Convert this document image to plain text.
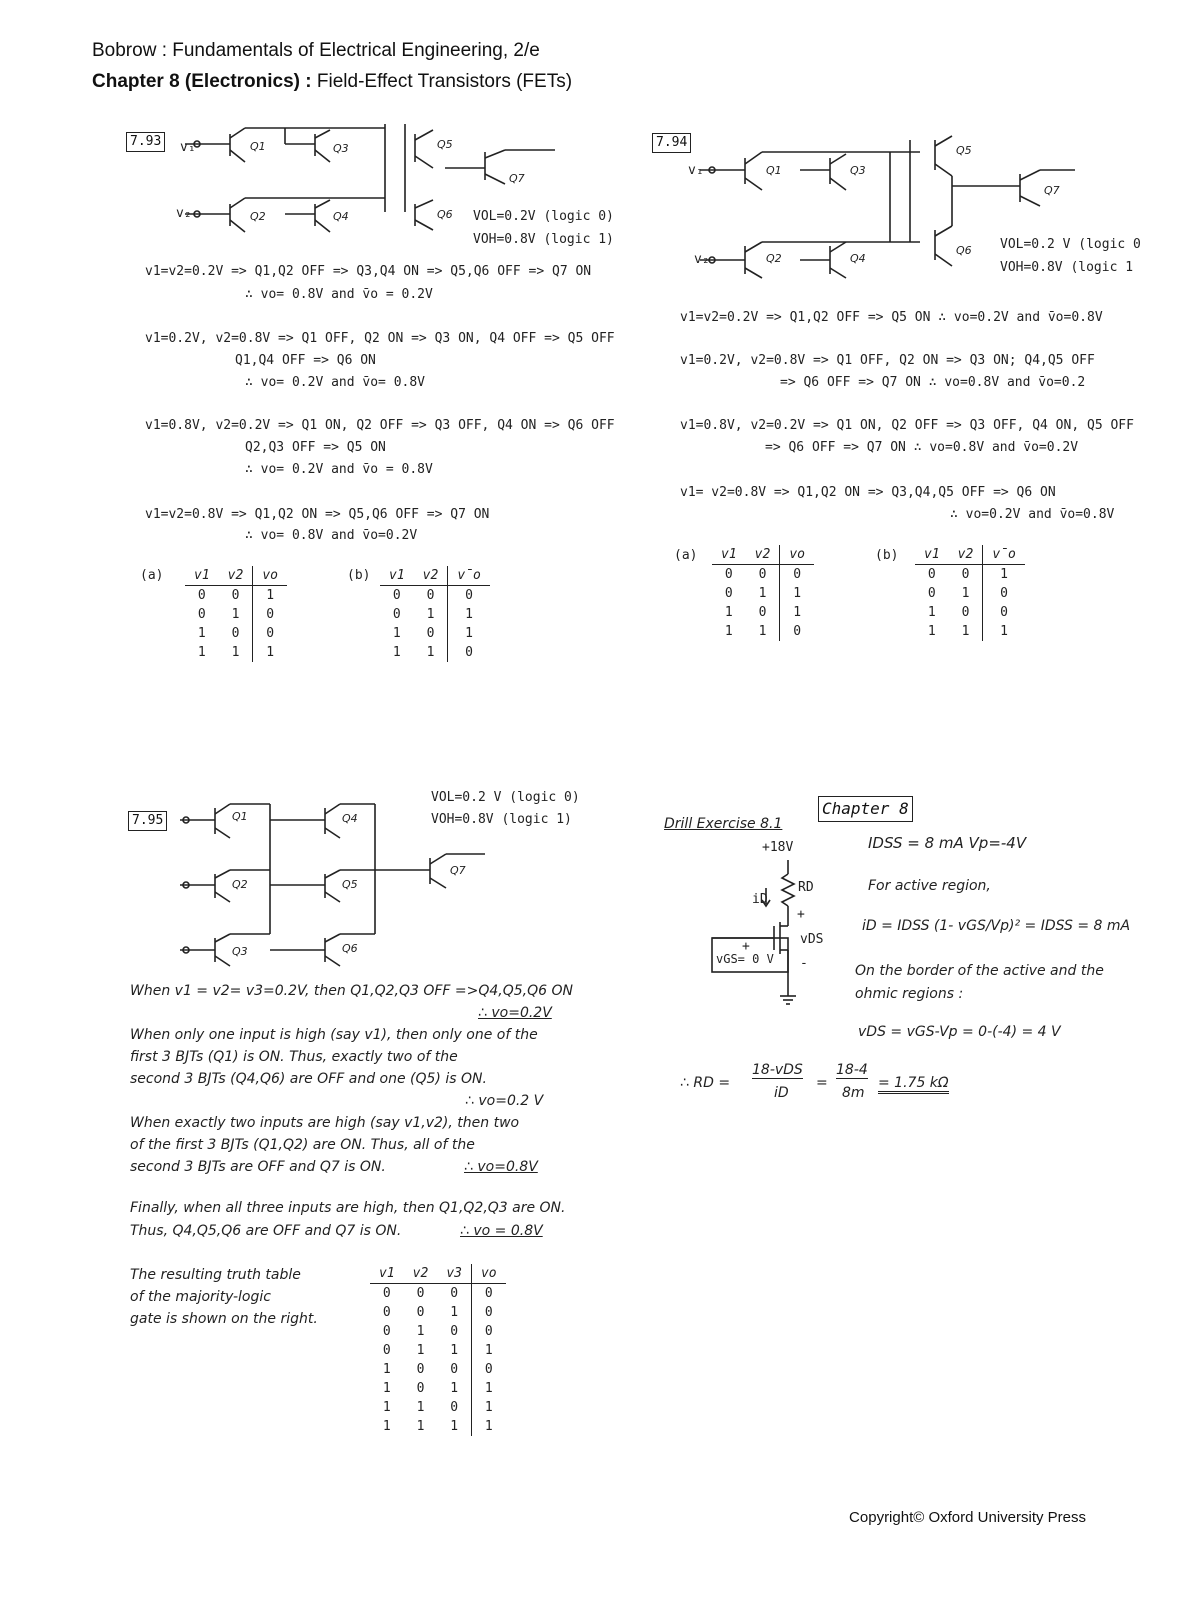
Bobrow : Fundamentals of Electrical Engineering, 2/e
Chapter 8 (Electronics) : Field-Effect Transistors (FETs)
7.93	Q1	Q3
Q2	Q4
Q5
Q6
Q7
v₁
v₂	VOL=0.2V (logic 0)
VOH=0.8V (logic 1)
v1=v2=0.2V => Q1,Q2 OFF => Q3,Q4 ON => Q5,Q6 OFF => Q7 ON
∴ vo= 0.8V and v̄o = 0.2V
v1=0.2V, v2=0.8V => Q1 OFF, Q2 ON => Q3 ON, Q4 OFF => Q5 OFF
Q1,Q4 OFF => Q6 ON
∴ vo= 0.2V and v̄o= 0.8V
v1=0.8V, v2=0.2V => Q1 ON, Q2 OFF => Q3 OFF, Q4 ON => Q6 OFF
Q2,Q3 OFF => Q5 ON
∴ vo= 0.2V and v̄o = 0.8V
v1=v2=0.8V => Q1,Q2 ON => Q5,Q6 OFF => Q7 ON
∴ vo= 0.8V and v̄o=0.2V
(a) v1	v2	vo
0	0	1
0	1	0
1	0	0
1	1	1
(b) v1	v2	v̄o
0	0	0
0	1	1
1	0	1
1	1	0
7.94
Q1	Q3
Q2	Q4
Q5
Q6
Q7
v₁
v₂
VOL=0.2 V (logic 0
VOH=0.8V (logic 1
v1=v2=0.2V => Q1,Q2 OFF => Q5 ON ∴ vo=0.2V and v̄o=0.8V
v1=0.2V, v2=0.8V => Q1 OFF, Q2 ON => Q3 ON; Q4,Q5 OFF
=> Q6 OFF => Q7 ON ∴ vo=0.8V and v̄o=0.2
v1=0.8V, v2=0.2V => Q1 ON, Q2 OFF => Q3 OFF, Q4 ON, Q5 OFF
=> Q6 OFF => Q7 ON ∴ vo=0.8V and v̄o=0.2V
v1= v2=0.8V => Q1,Q2 ON => Q3,Q4,Q5 OFF => Q6 ON
∴ vo=0.2V and v̄o=0.8V
(a) v1	v2	vo
0	0	0
0	1	1
1	0	1
1	1	0
(b) v1	v2	v̄o
0	0	1
0	1	0
1	0	0
1	1	1
7.95	Q1
Q2
Q3
Q4
Q5
Q6
Q7
VOL=0.2 V (logic 0)
VOH=0.8V (logic 1)
When v1 = v2= v3=0.2V, then Q1,Q2,Q3 OFF =>Q4,Q5,Q6 ON
∴ vo=0.2V
When only one input is high (say v1), then only one of the
first 3 BJTs (Q1) is ON. Thus, exactly two of the
second 3 BJTs (Q4,Q6) are OFF and one (Q5) is ON.
∴ vo=0.2 V
When exactly two inputs are high (say v1,v2), then two
of the first 3 BJTs (Q1,Q2) are ON. Thus, all of the
second 3 BJTs are OFF and Q7 is ON.	∴ vo=0.8V
Finally, when all three inputs are high, then Q1,Q2,Q3 are ON.
Thus, Q4,Q5,Q6 are OFF and Q7 is ON.	∴ vo = 0.8V
The resulting truth table
of the majority-logic
gate is shown on the right.
v1	v2	v3	vo
0	0	0	0
0	0	1	0
0	1	0	0
0	1	1	1
1	0	0	0
1	0	1	1
1	1	0	1
1	1	1	1
Chapter 8
Drill Exercise 8.1
+18V
RD
iD
+
vDS
+
-
vGS= 0 V
IDSS = 8 mA Vp=-4V
For active region,
iD = IDSS (1- vGS/Vp)² = IDSS = 8 mA
On the border of the active and the
ohmic regions :
vDS = vGS-Vp = 0-(-4) = 4 V
∴ RD =
18-vDS
iD
=
18-4
8m
= 1.75 kΩ
Copyright© Oxford University Press
